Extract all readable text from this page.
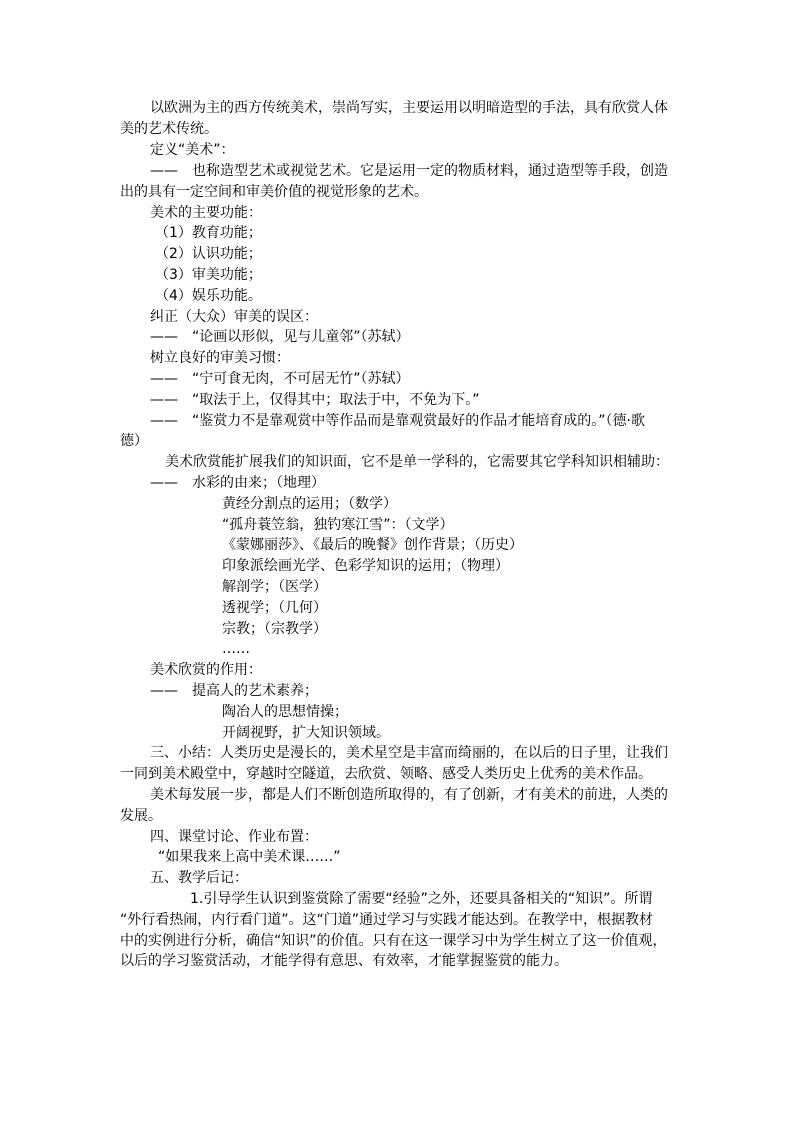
以欧洲为主的西方传统美术，崇尚写实，主要运用以明暗造型的手法，具有欣赏人体
美的艺术传统。
定义“美术”：
——　也称造型艺术或视觉艺术。它是运用一定的物质材料，通过造型等手段，创造
出的具有一定空间和审美价值的视觉形象的艺术。
美术的主要功能：
（1）教育功能；
（2）认识功能；
（3）审美功能；
（4）娱乐功能。
纠正（大众）审美的误区：
——　“论画以形似，见与儿童邻”（苏轼）
树立良好的审美习惯：
——　“宁可食无肉，不可居无竹”（苏轼）
——　“取法于上，仅得其中；取法于中，不免为下。”
——　“鉴赏力不是靠观赏中等作品而是靠观赏最好的作品才能培育成的。”（德·歌
德）
美术欣赏能扩展我们的知识面，它不是单一学科的，它需要其它学科知识相辅助：
——　水彩的由来；（地理）
黄经分割点的运用；（数学）
“孤舟蓑笠翁，独钓寒江雪”：（文学）
《蒙娜丽莎》、《最后的晚餐》创作背景；（历史）
印象派绘画光学、色彩学知识的运用；（物理）
解剖学；（医学）
透视学；（几何）
宗教；（宗教学）
……
美术欣赏的作用：
——　提高人的艺术素养；
陶冶人的思想情操；
开阔视野，扩大知识领域。
三、小结：人类历史是漫长的，美术星空是丰富而绮丽的，在以后的日子里，让我们
一同到美术殿堂中，穿越时空隧道，去欣赏、领略、感受人类历史上优秀的美术作品。
美术每发展一步，都是人们不断创造所取得的，有了创新，才有美术的前进，人类的
发展。
四、课堂讨论、作业布置：
“如果我来上高中美术课……”
五、教学后记：
1.引导学生认识到鉴赏除了需要“经验”之外，还要具备相关的“知识”。所谓
“外行看热闹，内行看门道”。这“门道”通过学习与实践才能达到。在教学中，根据教材
中的实例进行分析，确信“知识”的价值。只有在这一课学习中为学生树立了这一价值观，
以后的学习鉴赏活动，才能学得有意思、有效率，才能掌握鉴赏的能力。
